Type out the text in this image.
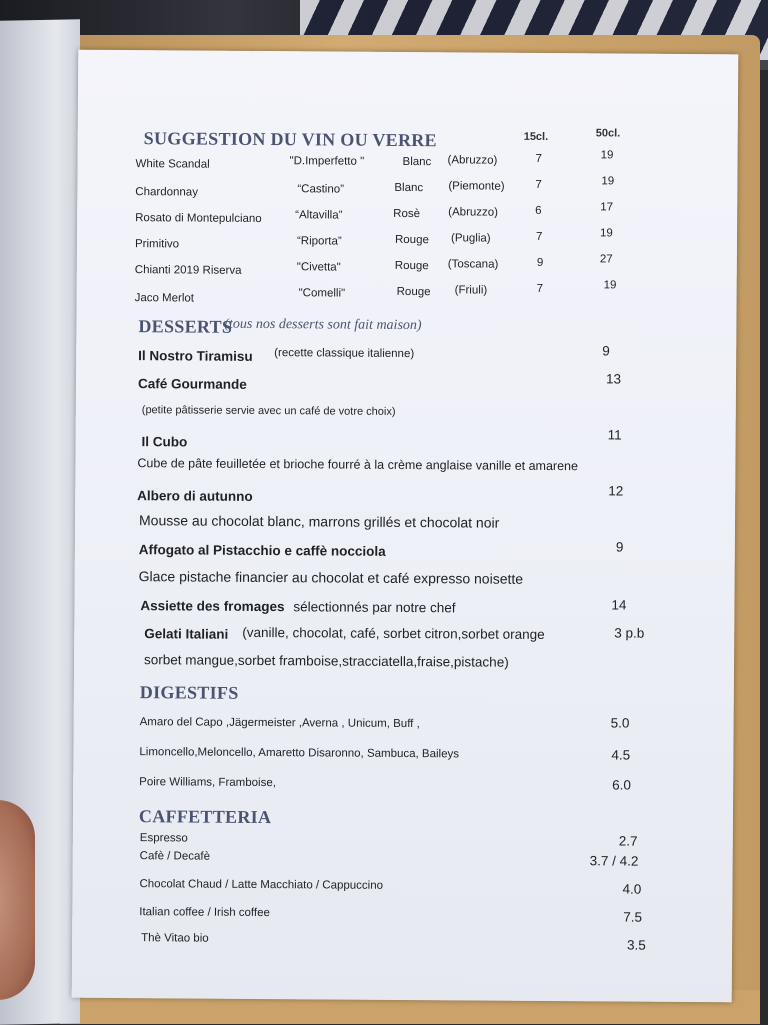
SUGGESTION DU VIN OU VERRE	15cl.	50cl.
White Scandal	"D.Imperfetto "	Blanc (Abruzzo)	7	19
Chardonnay	“Castino”	Blanc (Piemonte)	7	19
Rosato di Montepulciano	“Altavilla”	Rosè (Abruzzo)	6	17
Primitivo	“Riporta”	Rouge (Puglia)	7	19
Chianti 2019 Riserva	"Civetta"	Rouge (Toscana)	9	27
Jaco Merlot	"Comelli"	Rouge (Friuli)	7	19
DESSERTS
(tous nos desserts sont fait maison)
Il Nostro Tiramisu (recette classique italienne)	9
Café Gourmande	13
(petite pâtisserie servie avec un café de votre choix)
Il Cubo	11
Cube de pâte feuilletée et brioche fourré à la crème anglaise vanille et amarene
Albero di autunno	12
Mousse au chocolat blanc, marrons grillés et chocolat noir
Affogato al Pistacchio e caffè nocciola	9
Glace pistache financier au chocolat et café expresso noisette
Assiette des fromages sélectionnés par notre chef	14
Gelati Italiani (vanille, chocolat, café, sorbet citron,sorbet orange	3 p.b
sorbet mangue,sorbet framboise,stracciatella,fraise,pistache)
DIGESTIFS
Amaro del Capo ,Jägermeister ,Averna , Unicum, Buff ,	5.0
Limoncello,Meloncello, Amaretto Disaronno, Sambuca, Baileys	4.5
Poire Williams, Framboise,	6.0
CAFFETTERIA
Espresso	2.7
Cafè / Decafè	3.7 / 4.2
Chocolat Chaud / Latte Macchiato / Cappuccino	4.0
Italian coffee / Irish coffee	7.5
Thè Vitao bio	3.5
